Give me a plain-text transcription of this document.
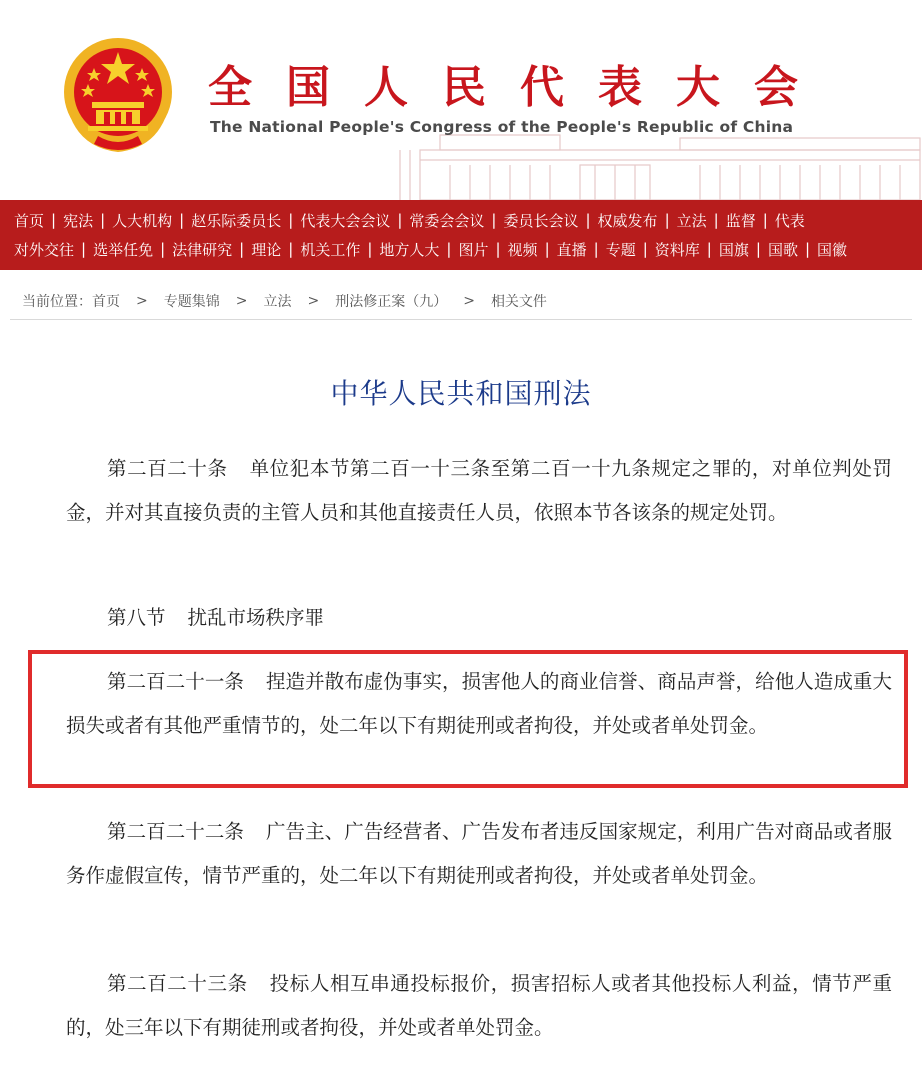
全国人民代表大会
The National People's Congress of the People's Republic of China
首页 | 宪法 | 人大机构 | 赵乐际委员长 | 代表大会会议 | 常委会会议 | 委员长会议 | 权威发布 | 立法 | 监督 | 代表
对外交往 | 选举任免 | 法律研究 | 理论 | 机关工作 | 地方人大 | 图片 | 视频 | 直播 | 专题 | 资料库 | 国旗 | 国歌 | 国徽
当前位置： 首页	>	专题集锦	>	立法	>	刑法修正案（九）	>	相关文件
中华人民共和国刑法

第二百二十条 单位犯本节第二百一十三条至第二百一十九条规定之罪的，对单位判处罚金，并对其直接负责的主管人员和其他直接责任人员，依照本节各该条的规定处罚。

第八节 扰乱市场秩序罪

第二百二十一条 捏造并散布虚伪事实，损害他人的商业信誉、商品声誉，给他人造成重大损失或者有其他严重情节的，处二年以下有期徒刑或者拘役，并处或者单处罚金。

第二百二十二条 广告主、广告经营者、广告发布者违反国家规定，利用广告对商品或者服务作虚假宣传，情节严重的，处二年以下有期徒刑或者拘役，并处或者单处罚金。

第二百二十三条 投标人相互串通投标报价，损害招标人或者其他投标人利益，情节严重的，处三年以下有期徒刑或者拘役，并处或者单处罚金。
